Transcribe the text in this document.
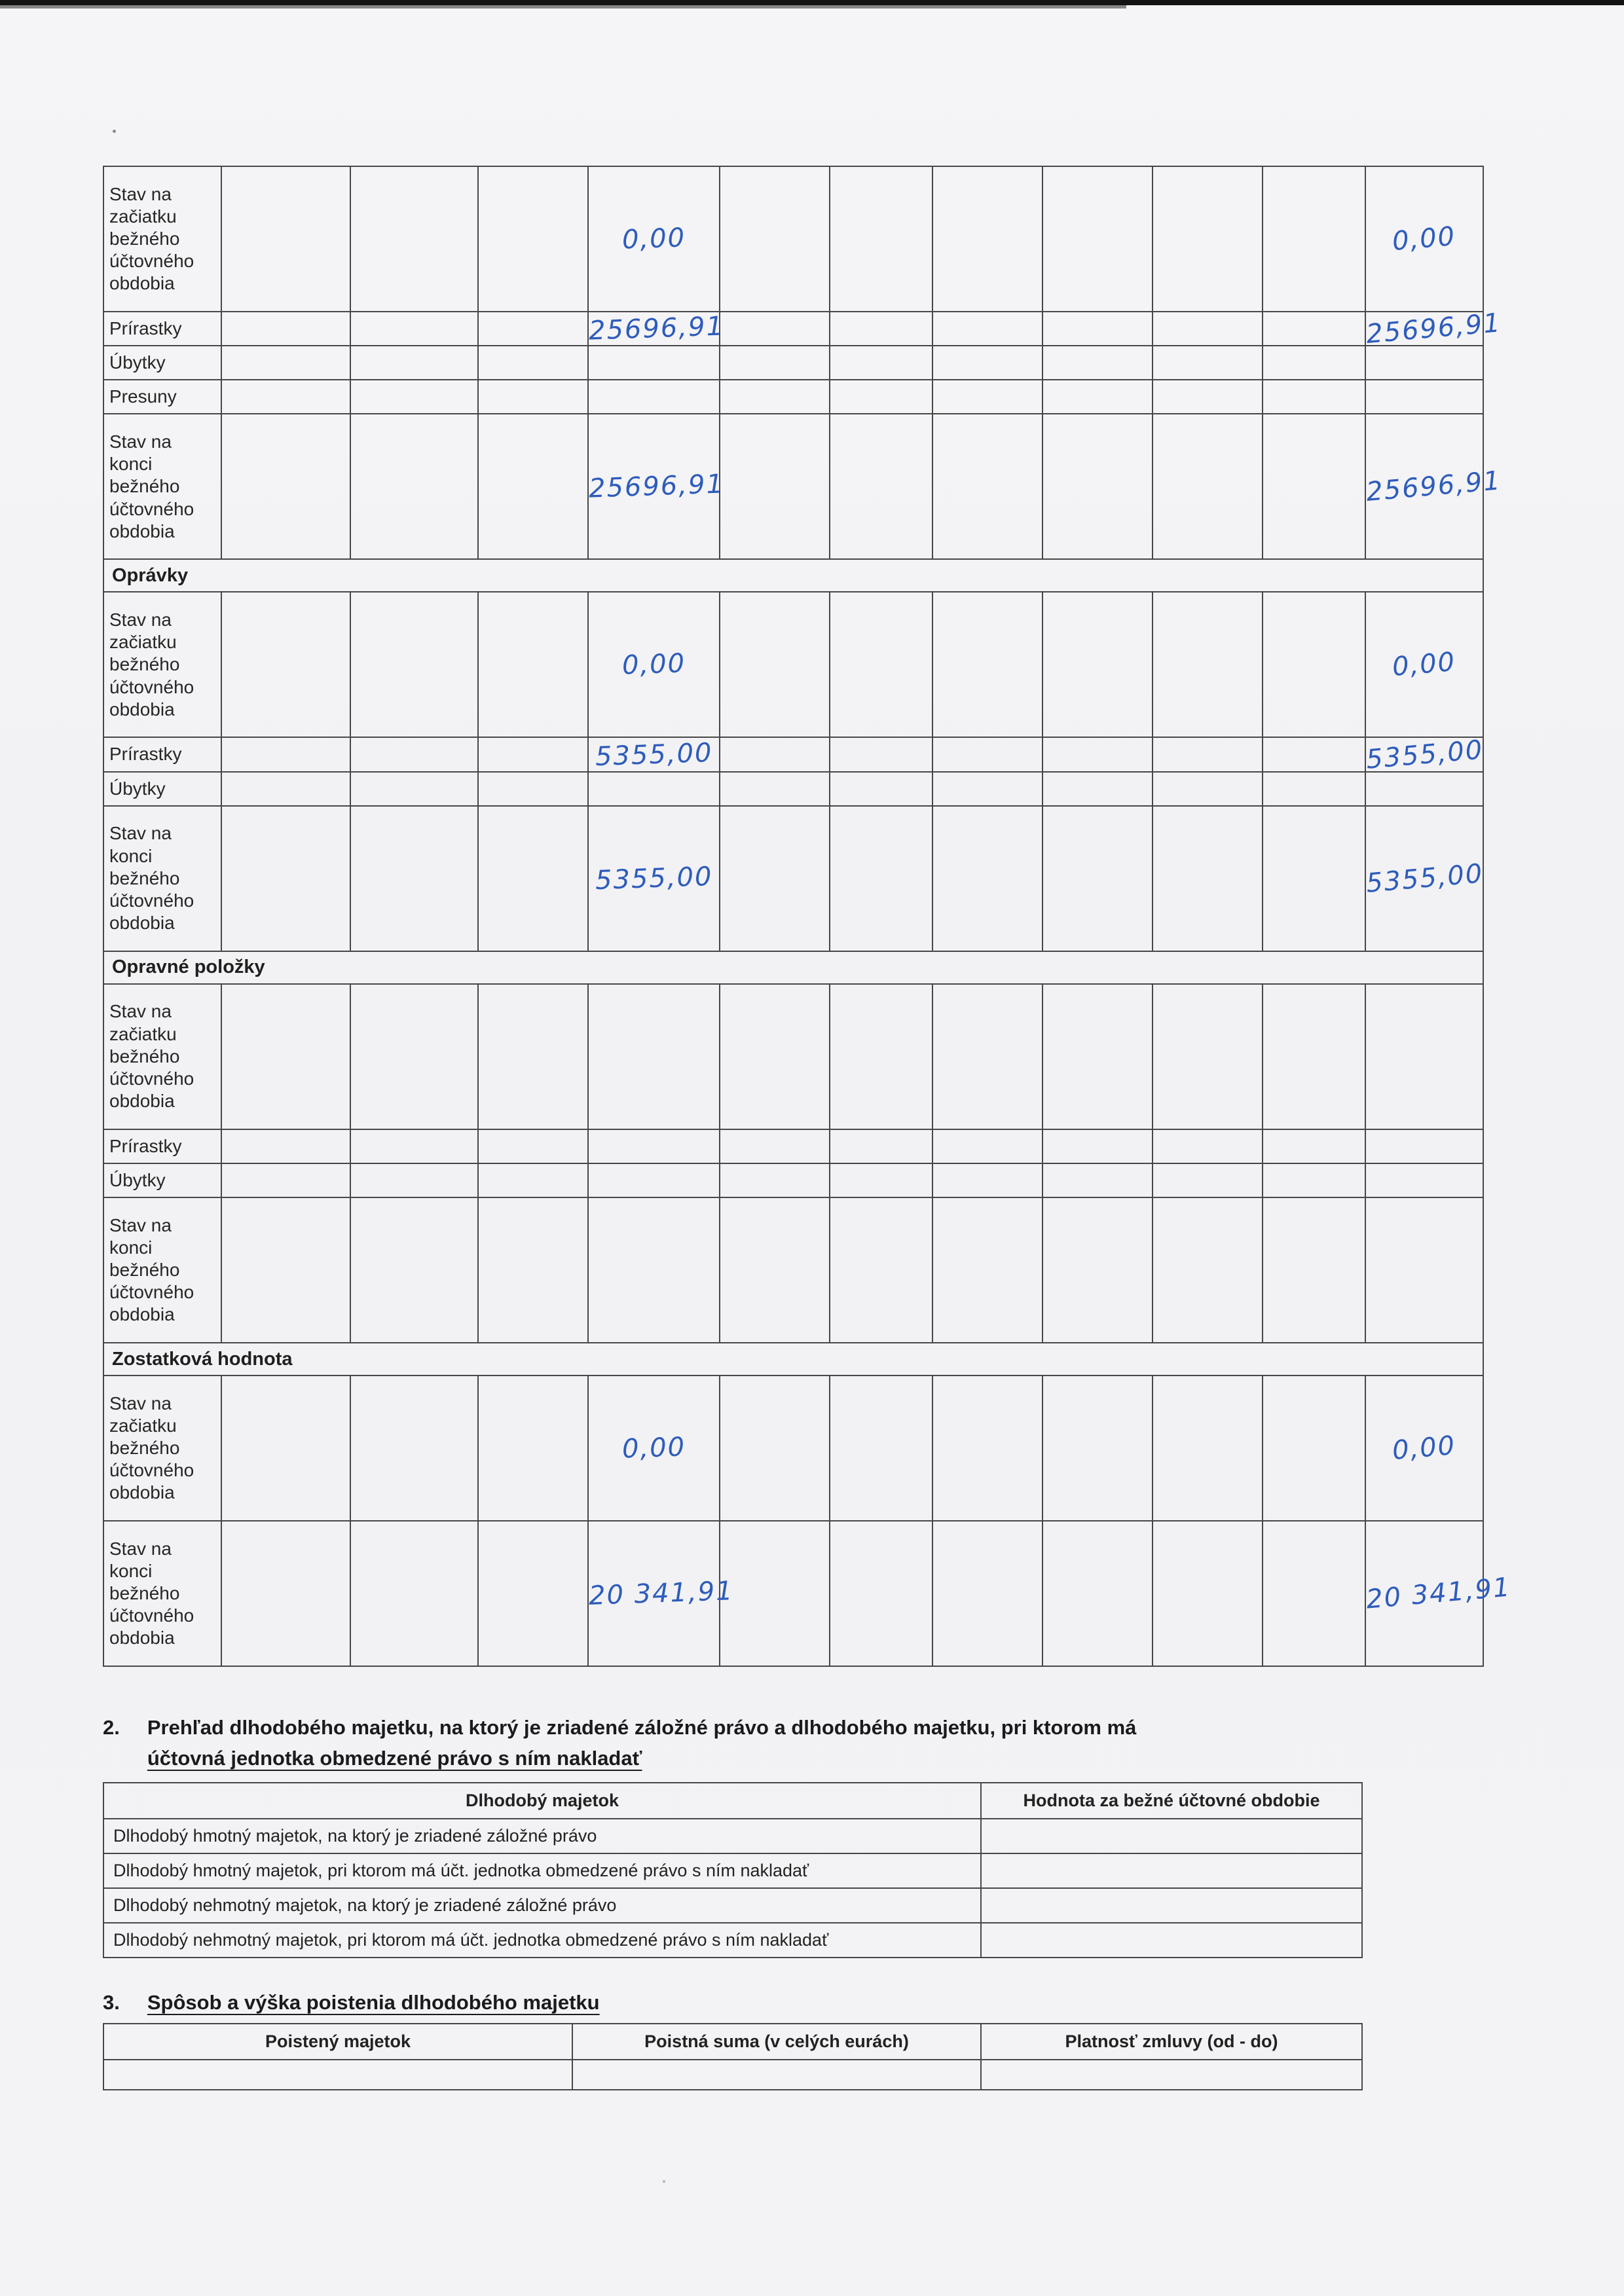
Stav na začiatku bežného účtovného obdobia				0,00							0,00
Prírastky				25696,91							25696,91
Úbytky											
Presuny											
Stav na konci bežného účtovného obdobia				25696,91							25696,91
Oprávky											
Stav na začiatku bežného účtovného obdobia				0,00							0,00
Prírastky				5355,00							5355,00
Úbytky											
Stav na konci bežného účtovného obdobia				5355,00							5355,00
Opravné položky											
Stav na začiatku bežného účtovného obdobia											
Prírastky											
Úbytky											
Stav na konci bežného účtovného obdobia											
Zostatková hodnota											
Stav na začiatku bežného účtovného obdobia				0,00							0,00
Stav na konci bežného účtovného obdobia				20 341,91							20 341,91
2. Prehľad dlhodobého majetku, na ktorý je zriadené záložné právo a dlhodobého majetku, pri ktorom má
účtovná jednotka obmedzené právo s ním nakladať
Dlhodobý majetok	Hodnota za bežné účtovné obdobie
Dlhodobý hmotný majetok, na ktorý je zriadené záložné právo	
Dlhodobý hmotný majetok, pri ktorom má účt. jednotka obmedzené právo s ním nakladať	
Dlhodobý nehmotný majetok, na ktorý je zriadené záložné právo	
Dlhodobý nehmotný majetok, pri ktorom má účt. jednotka obmedzené právo s ním nakladať	
3. Spôsob a výška poistenia dlhodobého majetku
Poistený majetok	Poistná suma (v celých eurách)	Platnosť zmluvy (od - do)
